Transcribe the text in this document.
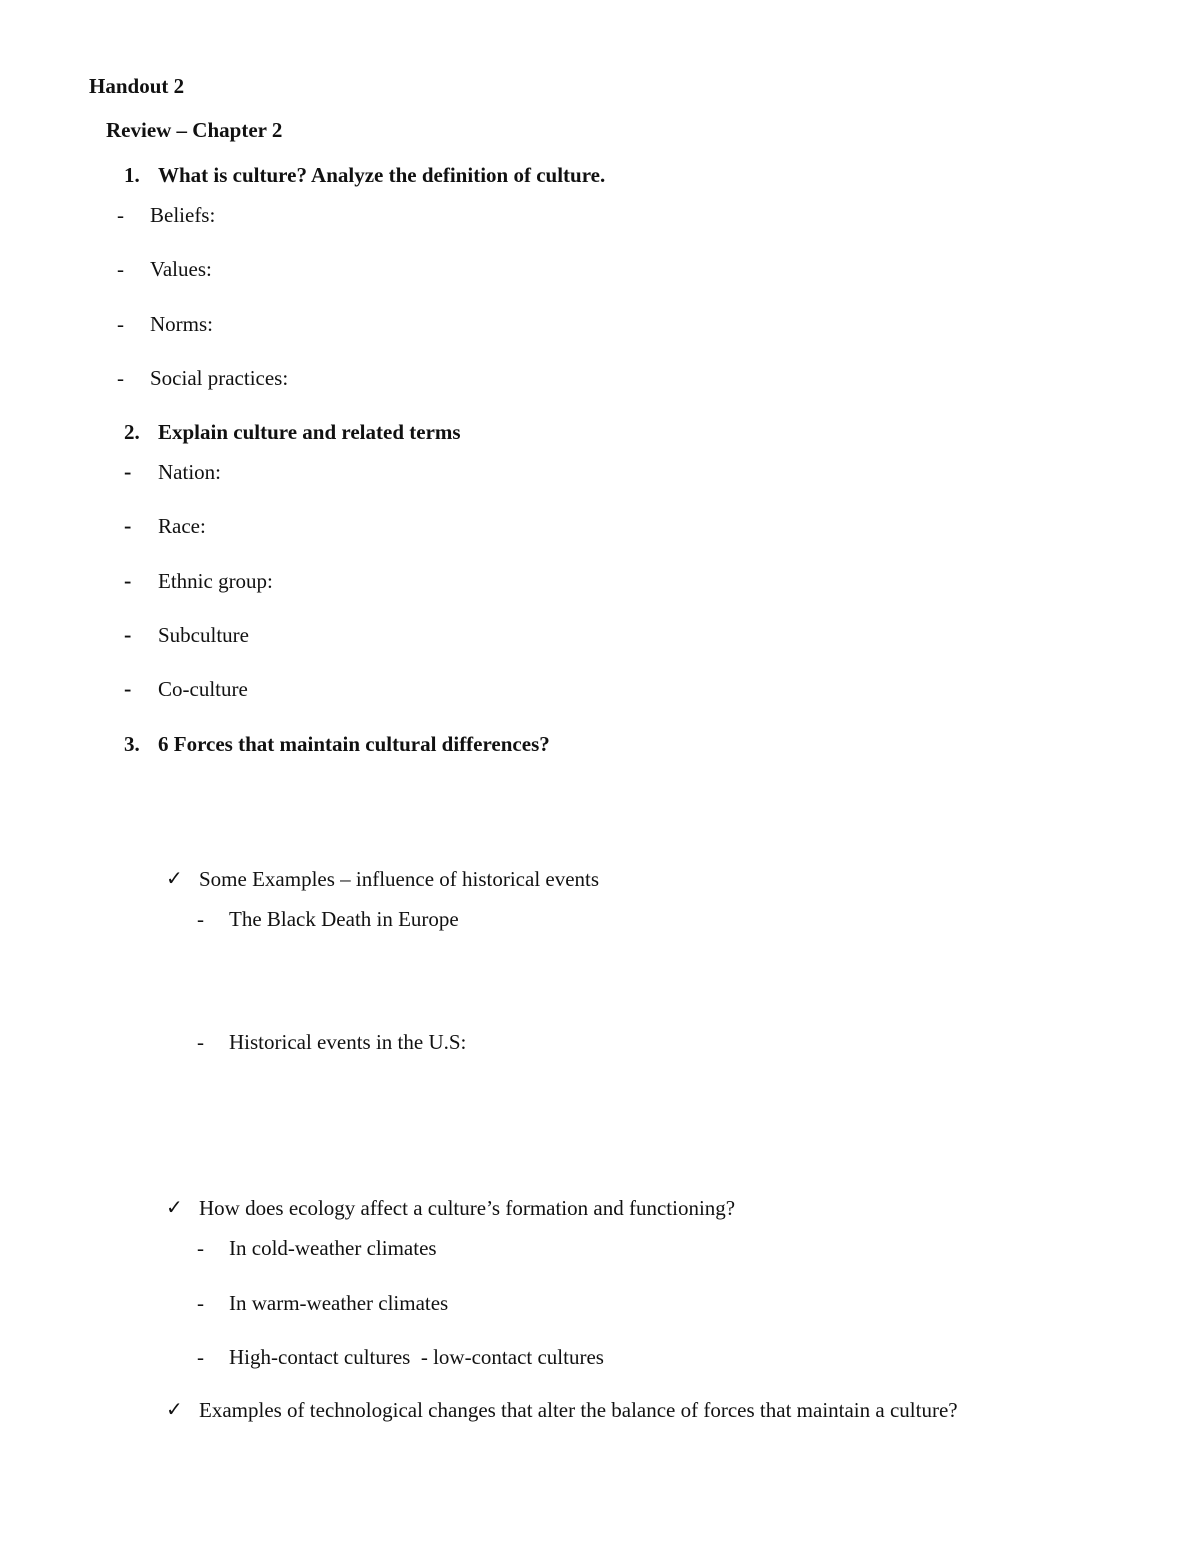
Handout 2
Review – Chapter 2
1. What is culture? Analyze the definition of culture.
- Beliefs:
- Values:
- Norms:
- Social practices:
2. Explain culture and related terms
- Nation:
- Race:
- Ethnic group:
- Subculture
- Co-culture
3. 6 Forces that maintain cultural differences?
✓ Some Examples – influence of historical events
- The Black Death in Europe
- Historical events in the U.S:
✓ How does ecology affect a culture’s formation and functioning?
- In cold-weather climates
- In warm-weather climates
- High-contact cultures  - low-contact cultures
✓ Examples of technological changes that alter the balance of forces that maintain a culture?
